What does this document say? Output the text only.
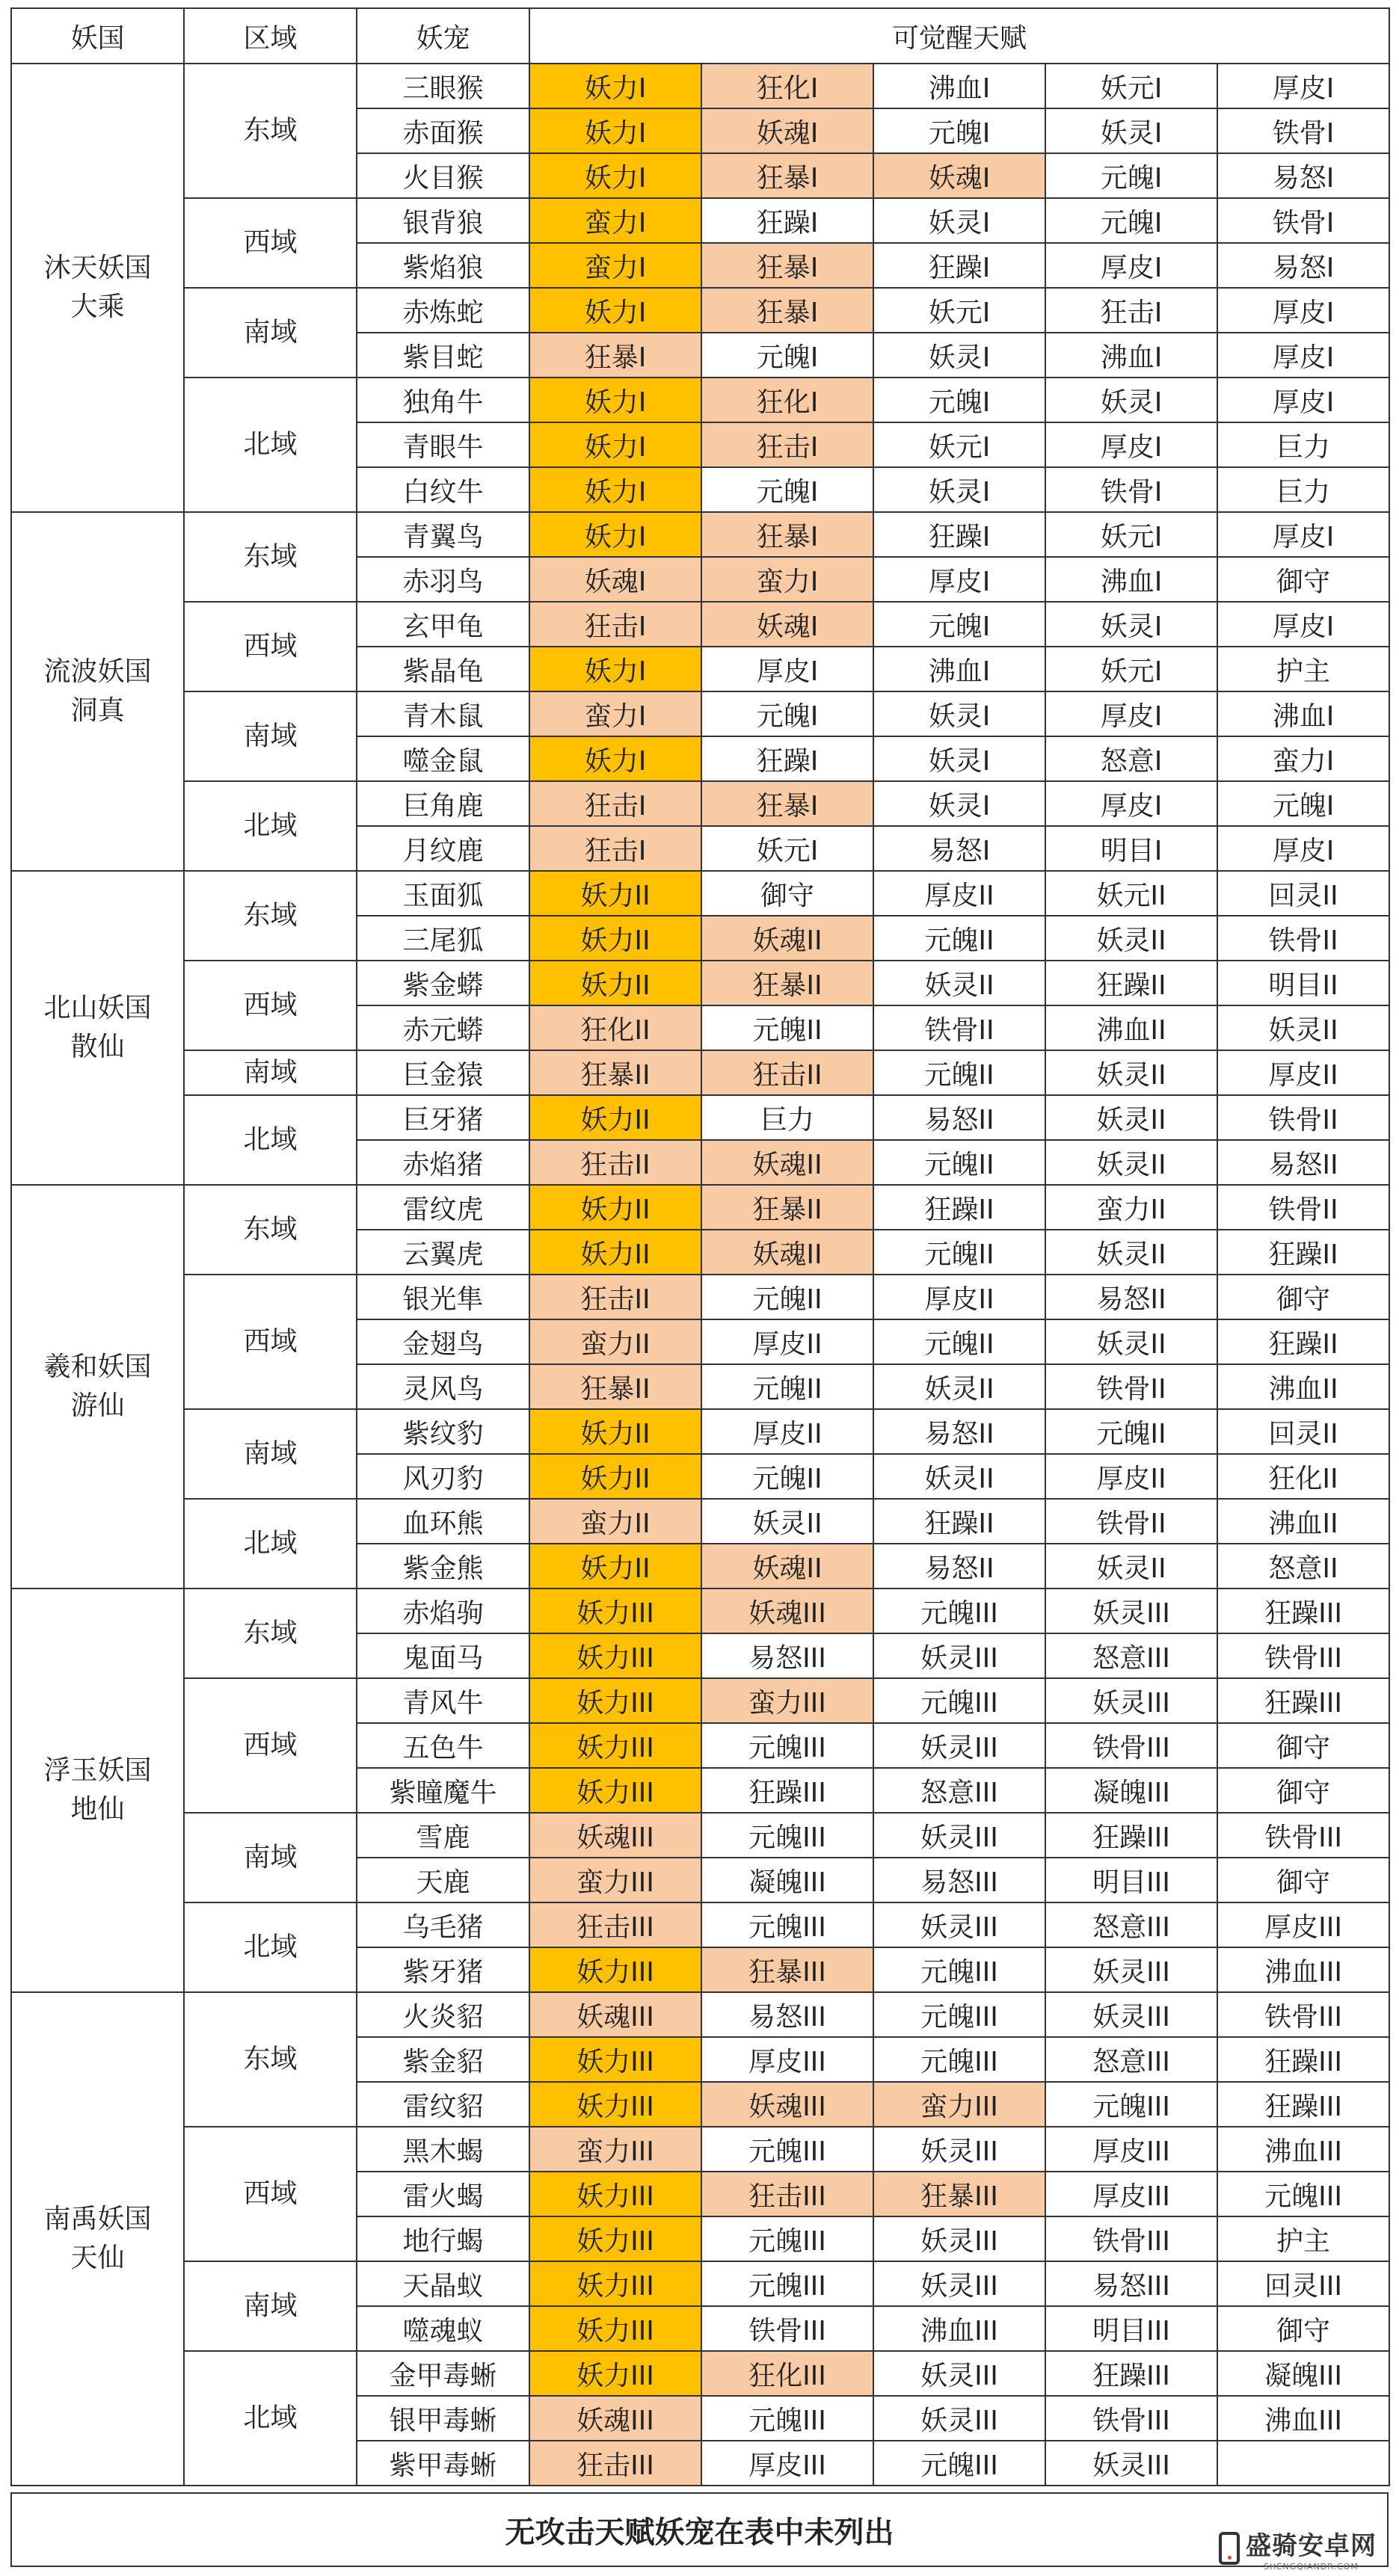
妖国	区域	妖宠	可觉醒天赋				
沐天妖国
大乘	东域	三眼猴	妖力I	狂化I	沸血I	妖元I	厚皮I
		赤面猴	妖力I	妖魂I	元魄I	妖灵I	铁骨I
		火目猴	妖力I	狂暴I	妖魂I	元魄I	易怒I
	西域	银背狼	蛮力I	狂躁I	妖灵I	元魄I	铁骨I
		紫焰狼	蛮力I	狂暴I	狂躁I	厚皮I	易怒I
	南域	赤炼蛇	妖力I	狂暴I	妖元I	狂击I	厚皮I
		紫目蛇	狂暴I	元魄I	妖灵I	沸血I	厚皮I
	北域	独角牛	妖力I	狂化I	元魄I	妖灵I	厚皮I
		青眼牛	妖力I	狂击I	妖元I	厚皮I	巨力
		白纹牛	妖力I	元魄I	妖灵I	铁骨I	巨力
流波妖国
洞真	东域	青翼鸟	妖力I	狂暴I	狂躁I	妖元I	厚皮I
		赤羽鸟	妖魂I	蛮力I	厚皮I	沸血I	御守
	西域	玄甲龟	狂击I	妖魂I	元魄I	妖灵I	厚皮I
		紫晶龟	妖力I	厚皮I	沸血I	妖元I	护主
	南域	青木鼠	蛮力I	元魄I	妖灵I	厚皮I	沸血I
		噬金鼠	妖力I	狂躁I	妖灵I	怒意I	蛮力I
	北域	巨角鹿	狂击I	狂暴I	妖灵I	厚皮I	元魄I
		月纹鹿	狂击I	妖元I	易怒I	明目I	厚皮I
北山妖国
散仙	东域	玉面狐	妖力II	御守	厚皮II	妖元II	回灵II
		三尾狐	妖力II	妖魂II	元魄II	妖灵II	铁骨II
	西域	紫金蟒	妖力II	狂暴II	妖灵II	狂躁II	明目II
		赤元蟒	狂化II	元魄II	铁骨II	沸血II	妖灵II
	南域	巨金猿	狂暴II	狂击II	元魄II	妖灵II	厚皮II
	北域	巨牙猪	妖力II	巨力	易怒II	妖灵II	铁骨II
		赤焰猪	狂击II	妖魂II	元魄II	妖灵II	易怒II
羲和妖国
游仙	东域	雷纹虎	妖力II	狂暴II	狂躁II	蛮力II	铁骨II
		云翼虎	妖力II	妖魂II	元魄II	妖灵II	狂躁II
	西域	银光隼	狂击II	元魄II	厚皮II	易怒II	御守
		金翅鸟	蛮力II	厚皮II	元魄II	妖灵II	狂躁II
		灵风鸟	狂暴II	元魄II	妖灵II	铁骨II	沸血II
	南域	紫纹豹	妖力II	厚皮II	易怒II	元魄II	回灵II
		风刃豹	妖力II	元魄II	妖灵II	厚皮II	狂化II
	北域	血环熊	蛮力II	妖灵II	狂躁II	铁骨II	沸血II
		紫金熊	妖力II	妖魂II	易怒II	妖灵II	怒意II
浮玉妖国
地仙	东域	赤焰驹	妖力III	妖魂III	元魄III	妖灵III	狂躁III
		鬼面马	妖力III	易怒III	妖灵III	怒意III	铁骨III
	西域	青风牛	妖力III	蛮力III	元魄III	妖灵III	狂躁III
		五色牛	妖力III	元魄III	妖灵III	铁骨III	御守
		紫瞳魔牛	妖力III	狂躁III	怒意III	凝魄III	御守
	南域	雪鹿	妖魂III	元魄III	妖灵III	狂躁III	铁骨III
		天鹿	蛮力III	凝魄III	易怒III	明目III	御守
	北域	乌毛猪	狂击III	元魄III	妖灵III	怒意III	厚皮III
		紫牙猪	妖力III	狂暴III	元魄III	妖灵III	沸血III
南禹妖国
天仙	东域	火炎貂	妖魂III	易怒III	元魄III	妖灵III	铁骨III
		紫金貂	妖力III	厚皮III	元魄III	怒意III	狂躁III
		雷纹貂	妖力III	妖魂III	蛮力III	元魄III	狂躁III
	西域	黑木蝎	蛮力III	元魄III	妖灵III	厚皮III	沸血III
		雷火蝎	妖力III	狂击III	狂暴III	厚皮III	元魄III
		地行蝎	妖力III	元魄III	妖灵III	铁骨III	护主
	南域	天晶蚁	妖力III	元魄III	妖灵III	易怒III	回灵III
		噬魂蚁	妖力III	铁骨III	沸血III	明目III	御守
	北域	金甲毒蜥	妖力III	狂化III	妖灵III	狂躁III	凝魄III
		银甲毒蜥	妖魂III	元魄III	妖灵III	铁骨III	沸血III
		紫甲毒蜥	狂击III	厚皮III	元魄III	妖灵III	
无攻击天赋妖宠在表中未列出	盛骑安卓网
SHENGQIANDR.COM
